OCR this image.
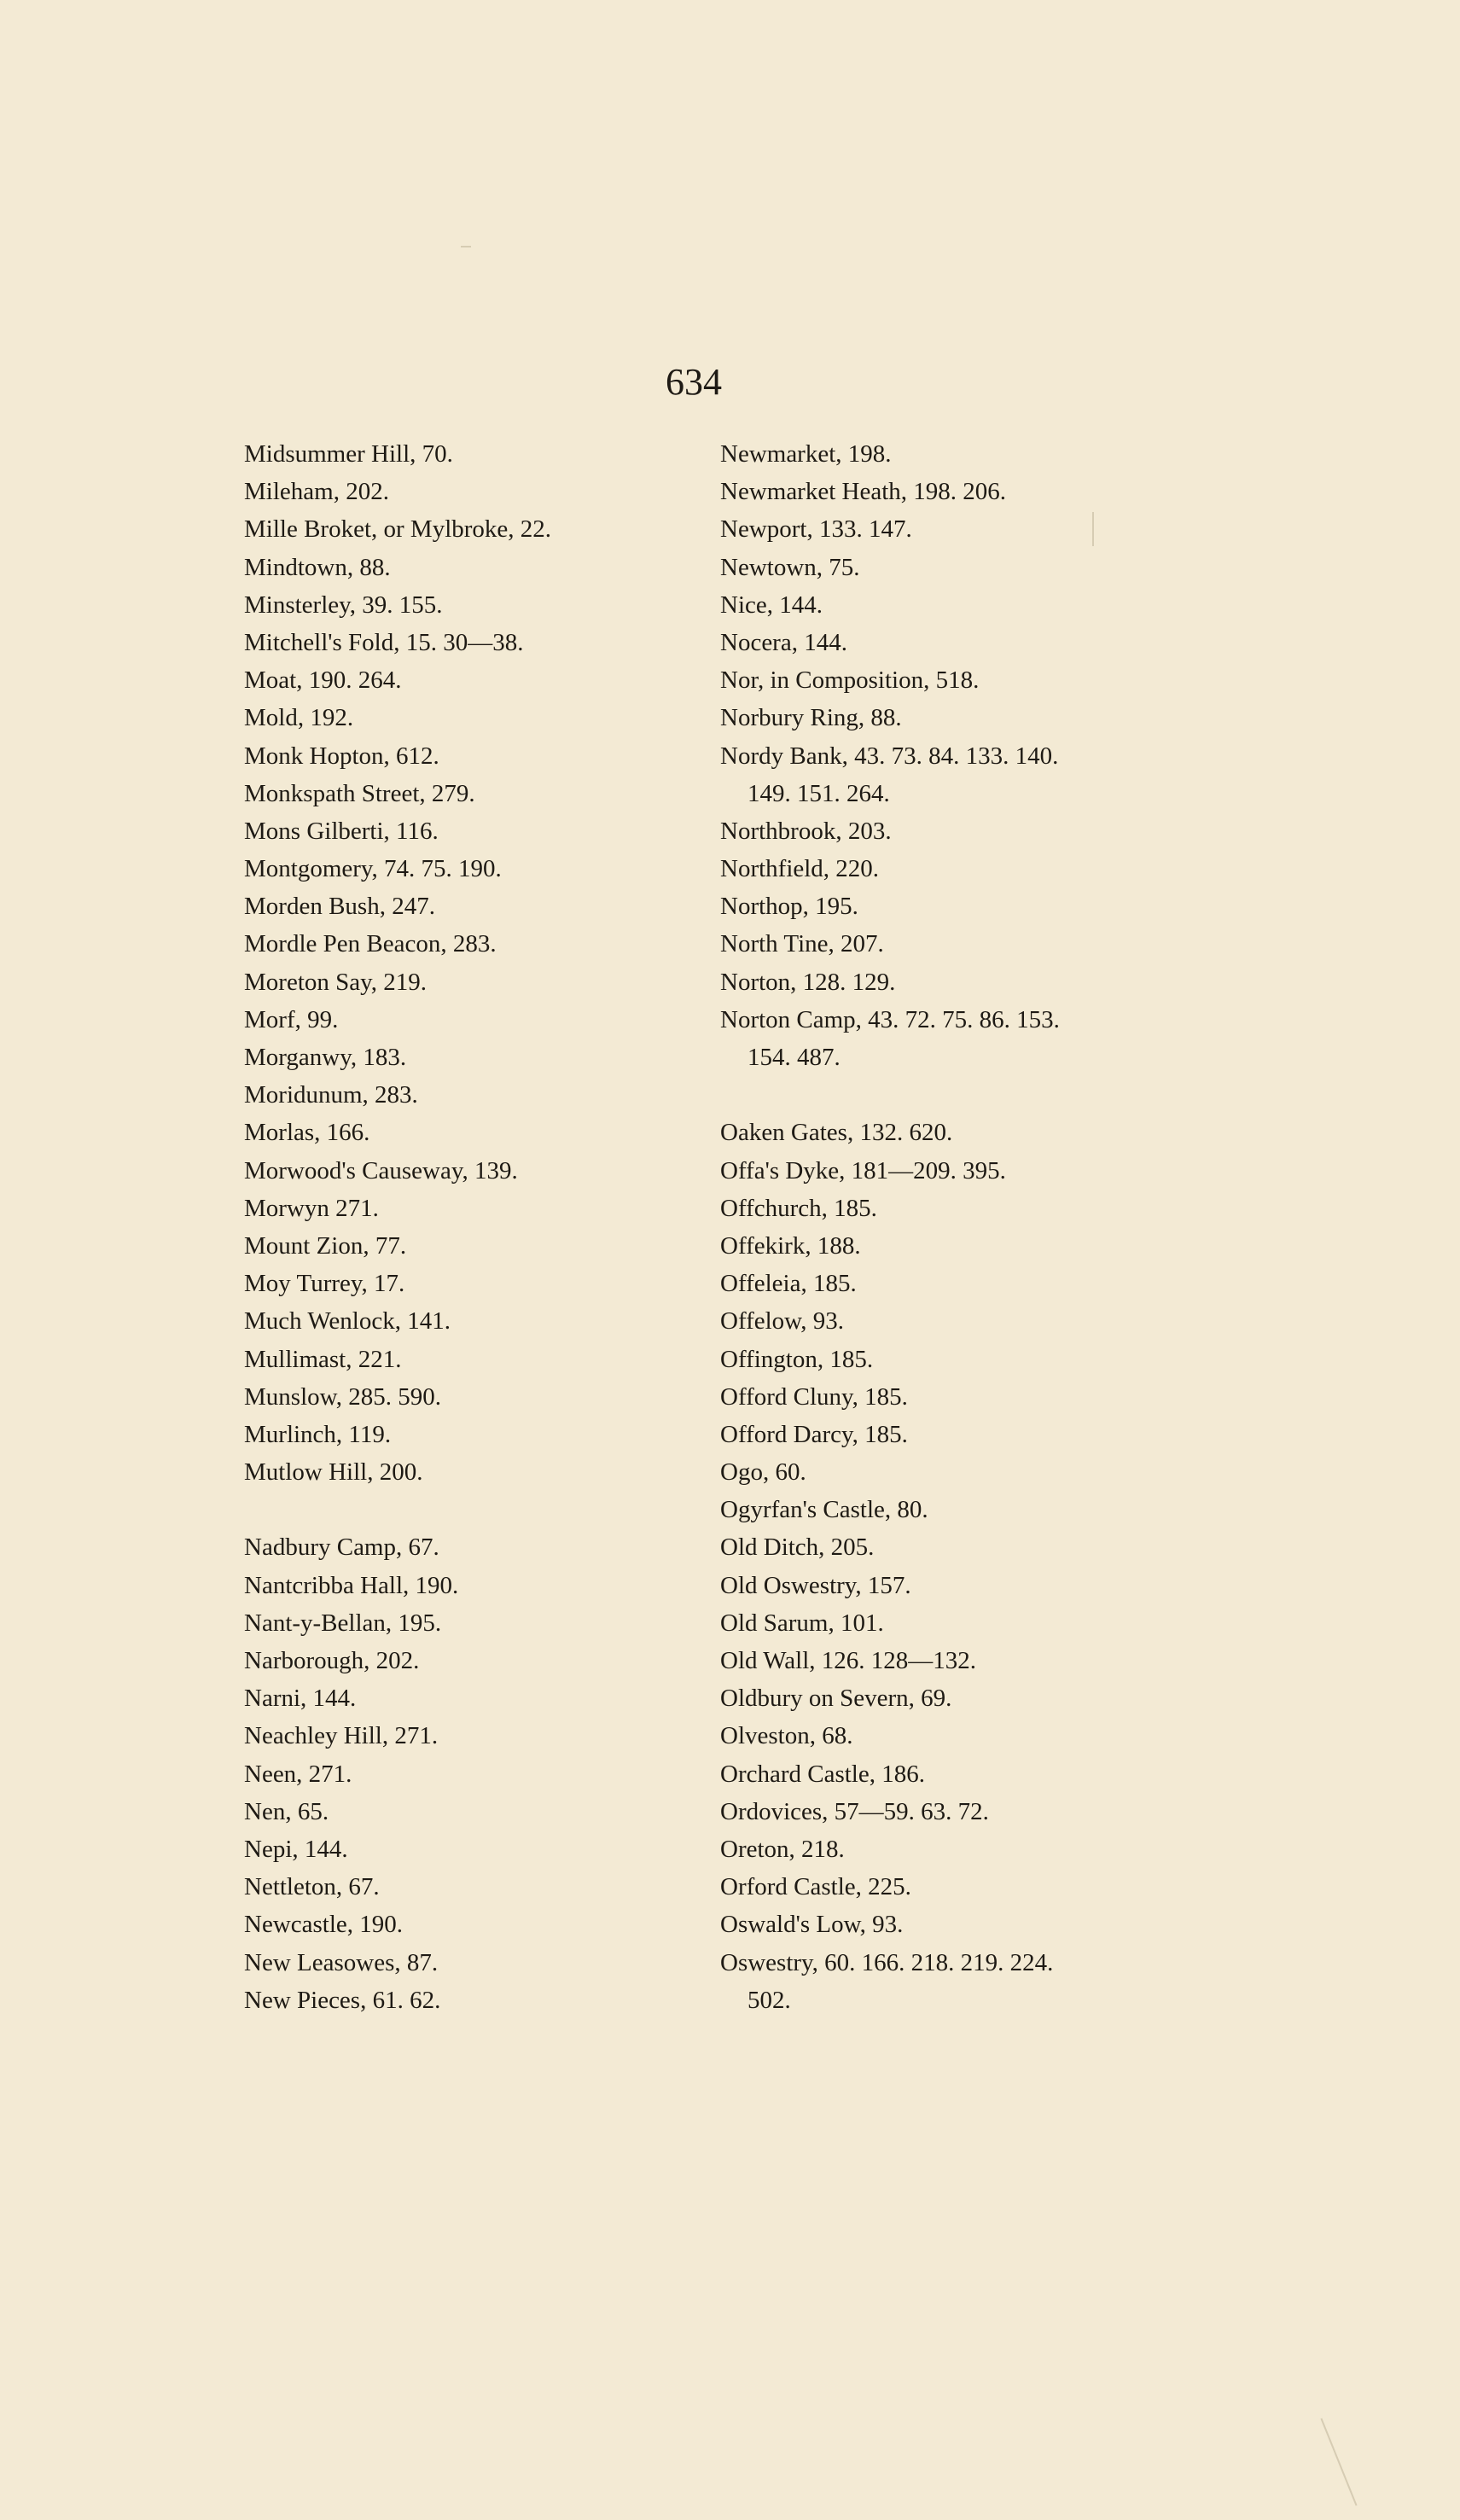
634
Midsummer Hill, 70.
Mileham, 202.
Mille Broket, or Mylbroke, 22.
Mindtown, 88.
Minsterley, 39. 155.
Mitchell's Fold, 15. 30—38.
Moat, 190. 264.
Mold, 192.
Monk Hopton, 612.
Monkspath Street, 279.
Mons Gilberti, 116.
Montgomery, 74. 75. 190.
Morden Bush, 247.
Mordle Pen Beacon, 283.
Moreton Say, 219.
Morf, 99.
Morganwy, 183.
Moridunum, 283.
Morlas, 166.
Morwood's Causeway, 139.
Morwyn 271.
Mount Zion, 77.
Moy Turrey, 17.
Much Wenlock, 141.
Mullimast, 221.
Munslow, 285. 590.
Murlinch, 119.
Mutlow Hill, 200.
Nadbury Camp, 67.
Nantcribba Hall, 190.
Nant-y-Bellan, 195.
Narborough, 202.
Narni, 144.
Neachley Hill, 271.
Neen, 271.
Nen, 65.
Nepi, 144.
Nettleton, 67.
Newcastle, 190.
New Leasowes, 87.
New Pieces, 61. 62.
Newmarket, 198.
Newmarket Heath, 198. 206.
Newport, 133. 147.
Newtown, 75.
Nice, 144.
Nocera, 144.
Nor, in Composition, 518.
Norbury Ring, 88.
Nordy Bank, 43. 73. 84. 133. 140.
149. 151. 264.
Northbrook, 203.
Northfield, 220.
Northop, 195.
North Tine, 207.
Norton, 128. 129.
Norton Camp, 43. 72. 75. 86. 153.
154. 487.
Oaken Gates, 132. 620.
Offa's Dyke, 181—209. 395.
Offchurch, 185.
Offekirk, 188.
Offeleia, 185.
Offelow, 93.
Offington, 185.
Offord Cluny, 185.
Offord Darcy, 185.
Ogo, 60.
Ogyrfan's Castle, 80.
Old Ditch, 205.
Old Oswestry, 157.
Old Sarum, 101.
Old Wall, 126. 128—132.
Oldbury on Severn, 69.
Olveston, 68.
Orchard Castle, 186.
Ordovices, 57—59. 63. 72.
Oreton, 218.
Orford Castle, 225.
Oswald's Low, 93.
Oswestry, 60. 166. 218. 219. 224.
502.
